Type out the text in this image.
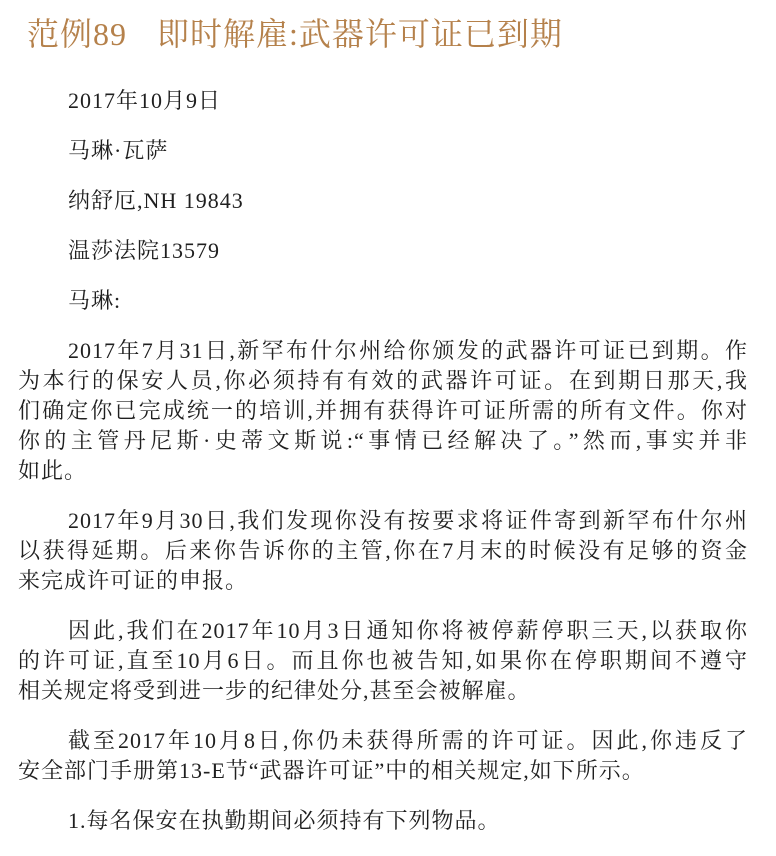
范例89 即时解雇:武器许可证已到期

2017年10月9日

马琳·瓦萨

纳舒厄,NH 19843

温莎法院13579

马琳:

2017年7月31日,新罕布什尔州给你颁发的武器许可证已到期。作
为本行的保安人员,你必须持有有效的武器许可证。在到期日那天,我
们确定你已完成统一的培训,并拥有获得许可证所需的所有文件。你对
你的主管丹尼斯·史蒂文斯说:“事情已经解决了。”然而,事实并非
如此。
2017年9月30日,我们发现你没有按要求将证件寄到新罕布什尔州
以获得延期。后来你告诉你的主管,你在7月末的时候没有足够的资金
来完成许可证的申报。
因此,我们在2017年10月3日通知你将被停薪停职三天,以获取你
的许可证,直至10月6日。而且你也被告知,如果你在停职期间不遵守
相关规定将受到进一步的纪律处分,甚至会被解雇。
截至2017年10月8日,你仍未获得所需的许可证。因此,你违反了
安全部门手册第13-E节“武器许可证”中的相关规定,如下所示。
1.每名保安在执勤期间必须持有下列物品。
